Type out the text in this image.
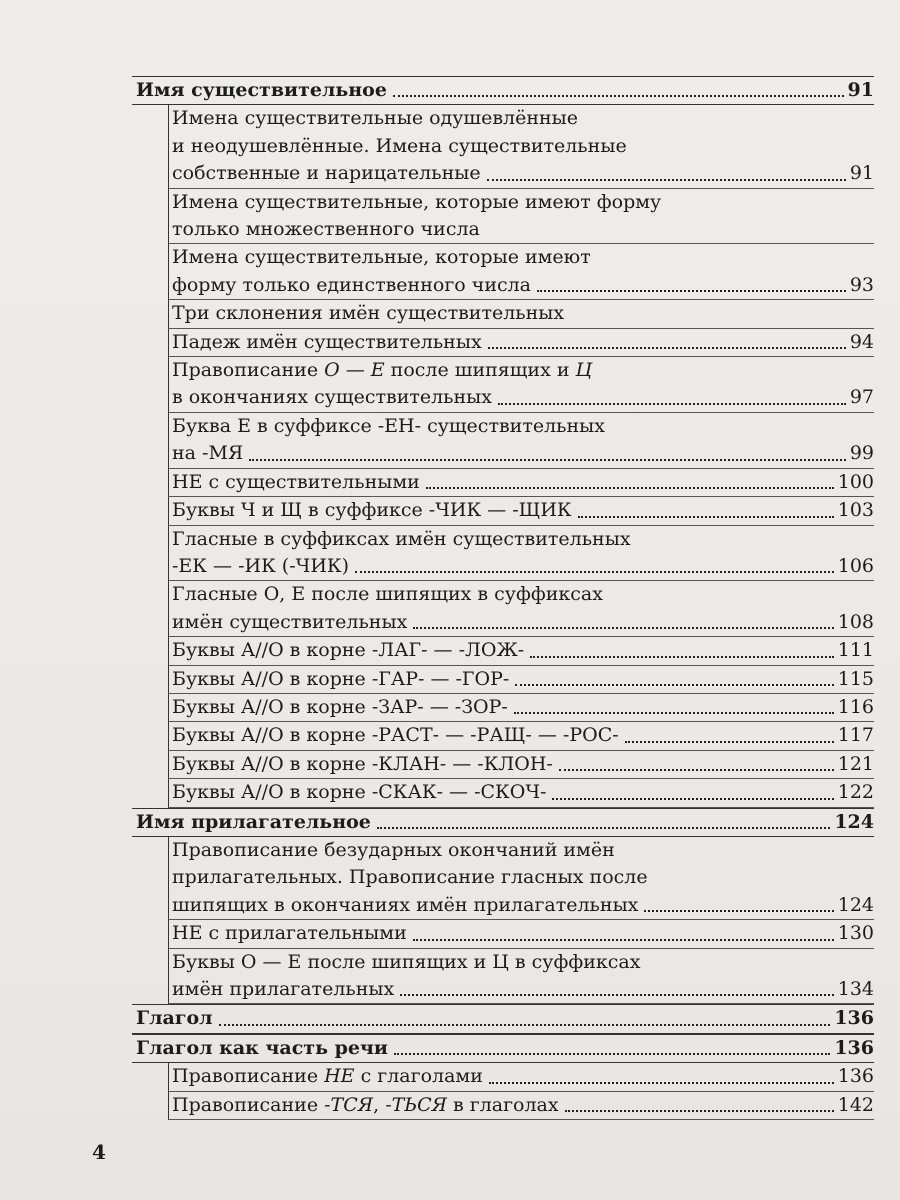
Имя существительное	91
Имена существительные одушевлённые
и неодушевлённые. Имена существительные
собственные и нарицательные	91
Имена существительные, которые имеют форму
только множественного числа
Имена существительные, которые имеют
форму только единственного числа	93
Три склонения имён существительных
Падеж имён существительных	94
Правописание О — Е после шипящих и Ц
в окончаниях существительных	97
Буква Е в суффиксе -ЕН- существительных
на -МЯ	99
НЕ с существительными	100
Буквы Ч и Щ в суффиксе -ЧИК — -ЩИК	103
Гласные в суффиксах имён существительных
-ЕК — -ИК (-ЧИК)	106
Гласные О, Е после шипящих в суффиксах
имён существительных	108
Буквы А//О в корне -ЛАГ- — -ЛОЖ-	111
Буквы А//О в корне -ГАР- — -ГОР-	115
Буквы А//О в корне -ЗАР- — -ЗОР-	116
Буквы А//О в корне -РАСТ- — -РАЩ- — -РОС-	117
Буквы А//О в корне -КЛАН- — -КЛОН-	121
Буквы А//О в корне -СКАК- — -СКОЧ-	122
Имя прилагательное	124
Правописание безударных окончаний имён
прилагательных. Правописание гласных после
шипящих в окончаниях имён прилагательных	124
НЕ с прилагательными	130
Буквы О — Е после шипящих и Ц в суффиксах
имён прилагательных	134
Глагол	136
Глагол как часть речи	136
Правописание НЕ с глаголами	136
Правописание -ТСЯ, -ТЬСЯ в глаголах	142
4
